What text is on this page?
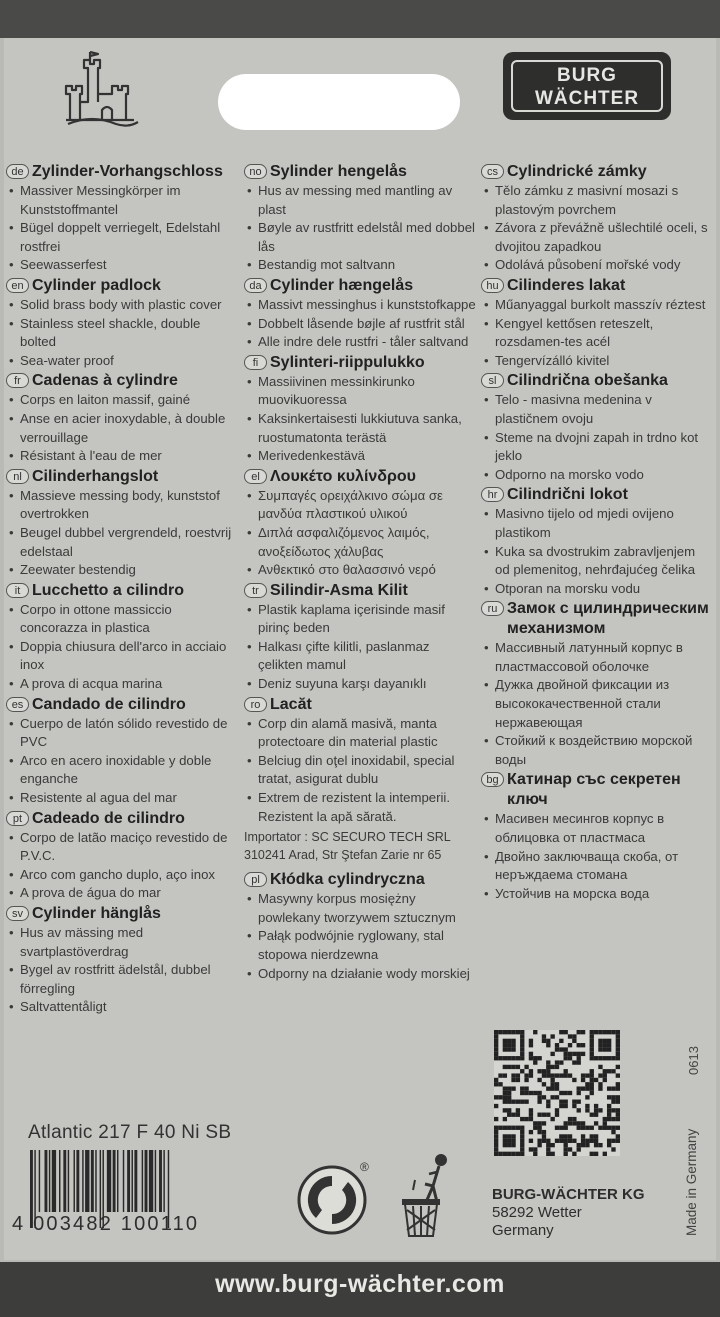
BURG
WÄCHTER
de Zylinder-Vorhangschloss
• Massiver Messingkörper im Kunststoffmantel
• Bügel doppelt verriegelt, Edelstahl rostfrei
• Seewasserfest
en Cylinder padlock
• Solid brass body with plastic cover
• Stainless steel shackle, double bolted
• Sea-water proof
fr Cadenas à cylindre
• Corps en laiton massif, gainé
• Anse en acier inoxydable, à double verrouillage
• Résistant à l'eau de mer
nl Cilinderhangslot
• Massieve messing body, kunststof overtrokken
• Beugel dubbel vergrendeld, roestvrij edelstaal
• Zeewater bestendig
it Lucchetto a cilindro
• Corpo in ottone massiccio concorazza in plastica
• Doppia chiusura dell'arco in acciaio inox
• A prova di acqua marina
es Candado de cilindro
• Cuerpo de latón sólido revestido de PVC
• Arco en acero inoxidable y doble enganche
• Resistente al agua del mar
pt Cadeado de cilindro
• Corpo de latão maciço revestido de P.V.C.
• Arco com gancho duplo, aço inox
• A prova de água do mar
sv Cylinder hänglås
• Hus av mässing med svartplastöverdrag
• Bygel av rostfritt ädelstål, dubbel förregling
• Saltvattentåligt
no Sylinder hengelås
• Hus av messing med mantling av plast
• Bøyle av rustfritt edelstål med dobbel lås
• Bestandig mot saltvann
da Cylinder hængelås
• Massivt messinghus i kunststofkappe
• Dobbelt låsende bøjle af rustfrit stål
• Alle indre dele rustfri - tåler saltvand
fi Sylinteri-riippulukko
• Massiivinen messinkirunko muovikuoressa
• Kaksinkertaisesti lukkiutuva sanka, ruostumatonta terästä
• Merivedenkestävä
el Λουκέτο κυλίνδρου
• Συμπαγές ορειχάλκινο σώμα σε μανδύα πλαστικού υλικού
• Διπλά ασφαλιζόμενος λαιμός, ανοξείδωτος χάλυβας
• Ανθεκτικό στο θαλασσινό νερό
tr Silindir-Asma Kilit
• Plastik kaplama içerisinde masif pirinç beden
• Halkası çifte kilitli, paslanmaz çelikten mamul
• Deniz suyuna karşı dayanıklı
ro Lacăt
• Corp din alamă masivă, manta protectoare din material plastic
• Belciug din oţel inoxidabil, special tratat, asigurat dublu
• Extrem de rezistent la intemperii. Rezistent la apă sărată.
Importator : SC SECURO TECH SRL 310241 Arad, Str Ştefan Zarie nr 65
pl Kłódka cylindryczna
• Masywny korpus mosiężny powlekany tworzywem sztucznym
• Pałąk podwójnie ryglowany, stal stopowa nierdzewna
• Odporny na działanie wody morskiej
cs Cylindrické zámky
• Tělo zámku z masivní mosazi s plastovým povrchem
• Závora z převážně ušlechtilé oceli, s dvojitou zapadkou
• Odolává působení mořské vody
hu Cilinderes lakat
• Műanyaggal burkolt masszív réztest
• Kengyel kettősen reteszelt, rozsdamen-tes acél
• Tengervízálló kivitel
sl Cilindrična obešanka
• Telo - masivna medenina v plastičnem ovoju
• Steme na dvojni zapah in trdno kot jeklo
• Odporno na morsko vodo
hr Cilindrični lokot
• Masivno tijelo od mjedi ovijeno plastikom
• Kuka sa dvostrukim zabravljenjem od plemenitog, nehrđajućeg čelika
• Otporan na morsku vodu
ru Замок с цилиндрическим механизмом
• Массивный латунный корпус в пластмассовой оболочке
• Дужка двойной фиксации из высококачественной стали нержавеющая
• Стойкий к воздействию морской воды
bg Катинар със секретен ключ
• Масивен месингов корпус в облицовка от пластмаса
• Двойно заключваща скоба, от неръждаема стомана
• Устойчив на морска вода
Atlantic 217 F 40 Ni SB
4 003482 100110
®
0613
Made in Germany
BURG-WÄCHTER KG
58292 Wetter
Germany
www.burg-wächter.com
